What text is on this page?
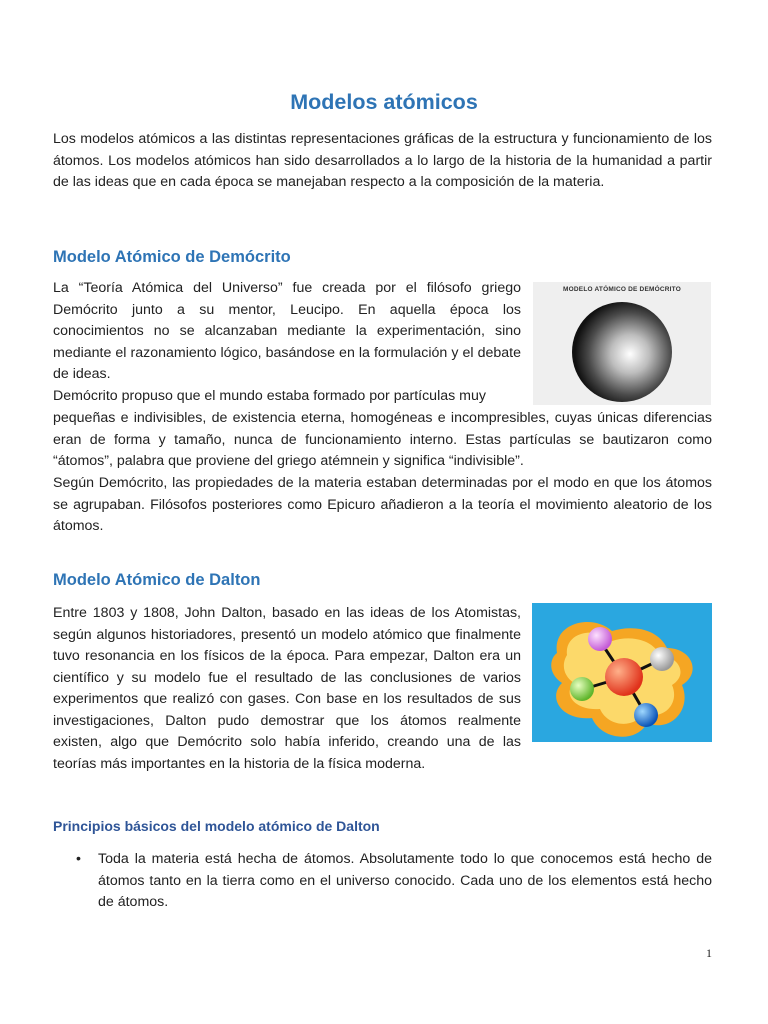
Modelos atómicos

Los modelos atómicos a las distintas representaciones gráficas de la estructura y funcionamiento de los átomos. Los modelos atómicos han sido desarrollados a lo largo de la historia de la humanidad a partir de las ideas que en cada época se manejaban respecto a la composición de la materia.

Modelo Atómico de Demócrito

La “Teoría Atómica del Universo” fue creada por el filósofo griego Demócrito junto a su mentor, Leucipo. En aquella época los conocimientos no se alcanzaban mediante la experimentación, sino mediante el razonamiento lógico, basándose en la formulación y el debate de ideas.

MODELO ATÓMICO DE DEMÓCRITO

Demócrito propuso que el mundo estaba formado por partículas muy

pequeñas e indivisibles, de existencia eterna, homogéneas e incompresibles, cuyas únicas diferencias eran de forma y tamaño, nunca de funcionamiento interno. Estas partículas se bautizaron como “átomos”, palabra que proviene del griego atémnein y significa “indivisible”.

Según Demócrito, las propiedades de la materia estaban determinadas por el modo en que los átomos se agrupaban. Filósofos posteriores como Epicuro añadieron a la teoría el movimiento aleatorio de los átomos.

Modelo Atómico de Dalton

Entre 1803 y 1808, John Dalton, basado en las ideas de los Atomistas, según algunos historiadores, presentó un modelo atómico que finalmente tuvo resonancia en los físicos de la época. Para empezar, Dalton era un científico y su modelo fue el resultado de las conclusiones de varios experimentos que realizó con gases. Con base en los resultados de sus investigaciones, Dalton pudo demostrar que los átomos realmente existen, algo que Demócrito solo había inferido, creando una de las teorías más importantes en la historia de la física moderna.

Principios básicos del modelo atómico de Dalton

• Toda la materia está hecha de átomos. Absolutamente todo lo que conocemos está hecho de átomos tanto en la tierra como en el universo conocido. Cada uno de los elementos está hecho de átomos.
1
